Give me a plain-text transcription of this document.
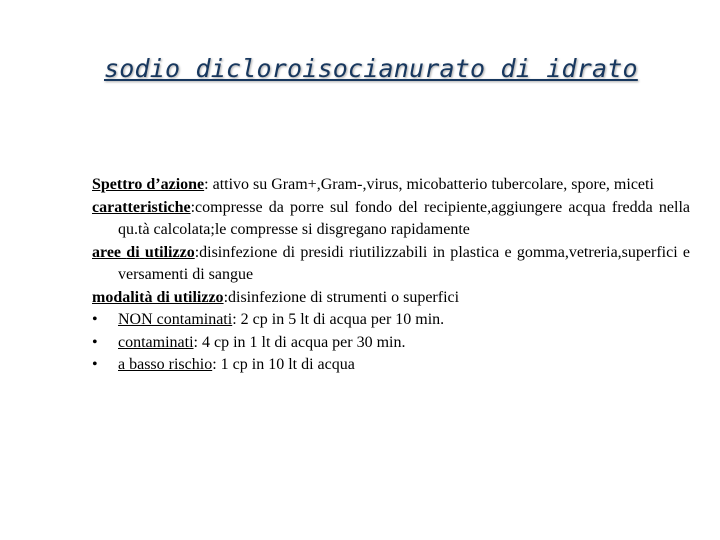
sodio dicloroisocianurato di idrato

Spettro d’azione: attivo su Gram+,Gram-,virus, micobatterio tubercolare, spore, miceti

caratteristiche:compresse da porre sul fondo del recipiente,aggiungere acqua fredda nella qu.tà calcolata;le compresse si disgregano rapidamente

aree di utilizzo:disinfezione di presidi riutilizzabili in plastica e gomma,vetreria,superfici e versamenti di sangue

modalità di utilizzo:disinfezione di strumenti o superfici

• NON contaminati: 2 cp in 5 lt di acqua per 10 min.

• contaminati: 4 cp in 1 lt di acqua per 30 min.

• a basso rischio: 1 cp in 10 lt di acqua
